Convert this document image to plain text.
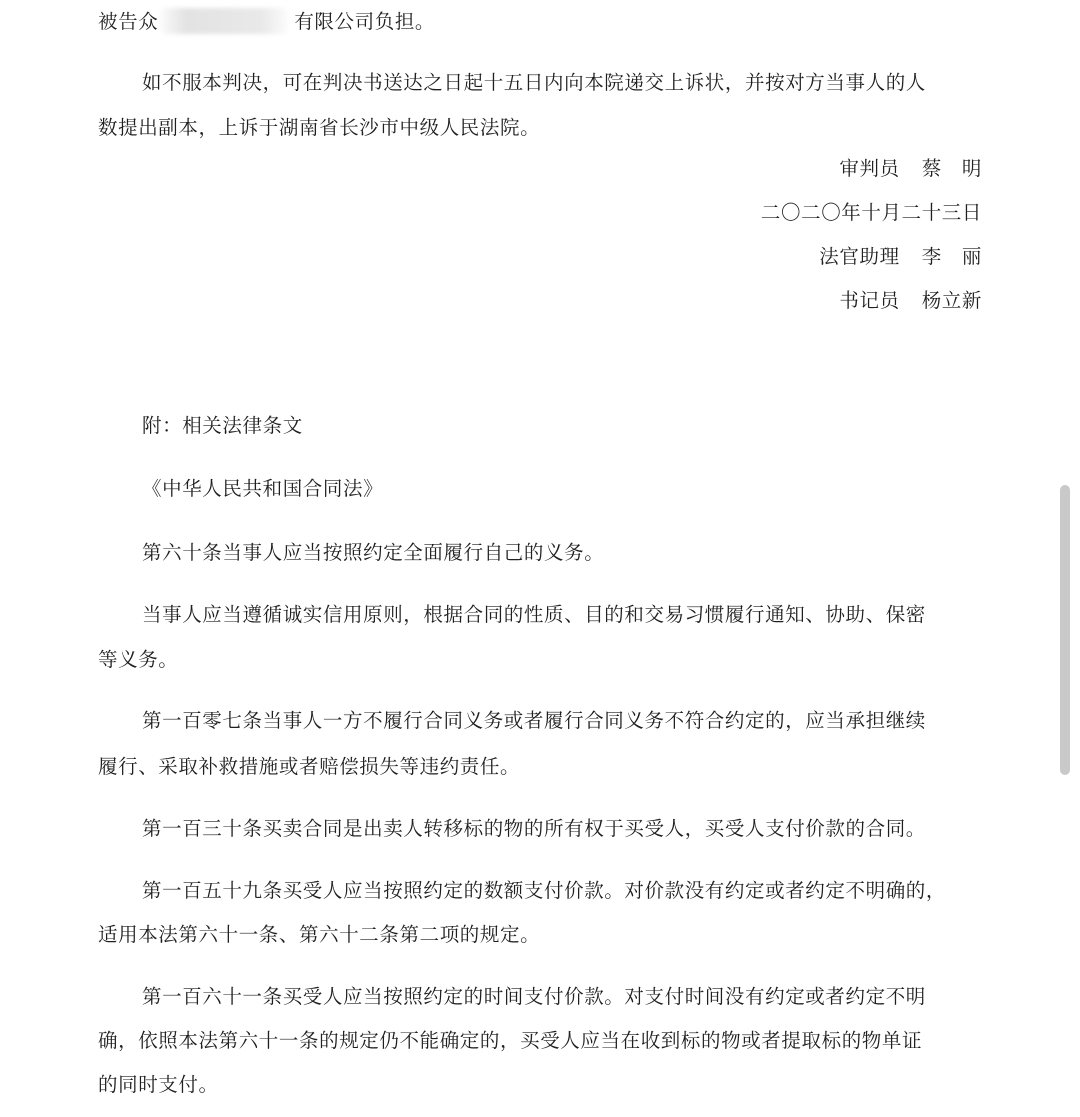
被告众	有限公司负担。
如不服本判决，可在判决书送达之日起十五日内向本院递交上诉状，并按对方当事人的人
数提出副本，上诉于湖南省长沙市中级人民法院。
审判员 蔡　明
二〇二〇年十月二十三日
法官助理 李　丽
书记员 杨立新
附：相关法律条文
《中华人民共和国合同法》
第六十条当事人应当按照约定全面履行自己的义务。
当事人应当遵循诚实信用原则，根据合同的性质、目的和交易习惯履行通知、协助、保密
等义务。
第一百零七条当事人一方不履行合同义务或者履行合同义务不符合约定的，应当承担继续
履行、采取补救措施或者赔偿损失等违约责任。
第一百三十条买卖合同是出卖人转移标的物的所有权于买受人，买受人支付价款的合同。
第一百五十九条买受人应当按照约定的数额支付价款。对价款没有约定或者约定不明确的，
适用本法第六十一条、第六十二条第二项的规定。
第一百六十一条买受人应当按照约定的时间支付价款。对支付时间没有约定或者约定不明
确，依照本法第六十一条的规定仍不能确定的，买受人应当在收到标的物或者提取标的物单证
的同时支付。
